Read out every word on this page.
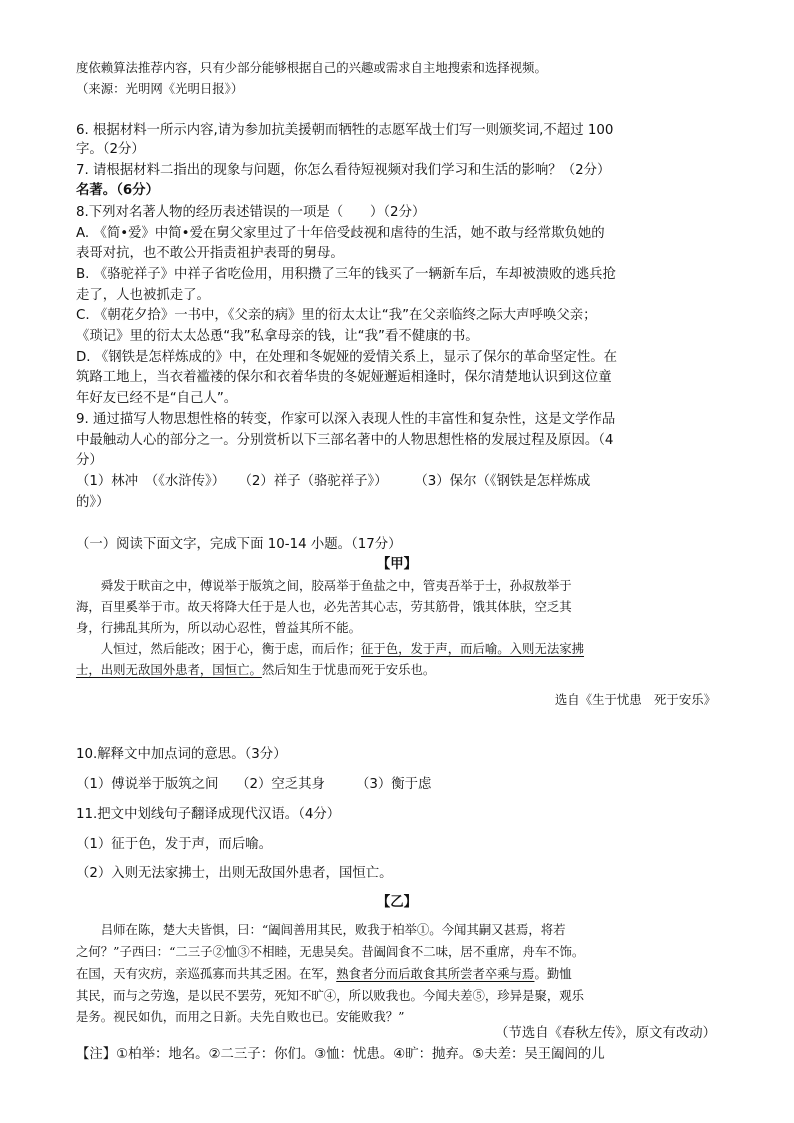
度依赖算法推荐内容，只有少部分能够根据自己的兴趣或需求自主地搜索和选择视频。
（来源：光明网《光明日报》）
6. 根据材料一所示内容,请为参加抗美援朝而牺牲的志愿军战士们写一则颁奖词,不超过 100
字。（2分）
7. 请根据材料二指出的现象与问题，你怎么看待短视频对我们学习和生活的影响？（2分）
名著。（6分）
8.下列对名著人物的经历表述错误的一项是（　　）（2分）
A. 《简•爱》中简•爱在舅父家里过了十年倍受歧视和虐待的生活，她不敢与经常欺负她的
表哥对抗，也不敢公开指责祖护表哥的舅母。
B. 《骆驼祥子》中祥子省吃俭用，用积攒了三年的钱买了一辆新车后，车却被溃败的逃兵抢
走了，人也被抓走了。
C. 《朝花夕拾》一书中，《父亲的病》里的衍太太让“我”在父亲临终之际大声呼唤父亲；
《琐记》里的衍太太怂恿“我”私拿母亲的钱，让“我”看不健康的书。
D. 《钢铁是怎样炼成的》中，在处理和冬妮娅的爱情关系上，显示了保尔的革命坚定性。在
筑路工地上，当衣着褴褛的保尔和衣着华贵的冬妮娅邂逅相逢时，保尔清楚地认识到这位童
年好友已经不是“自己人”。
9. 通过描写人物思想性格的转变，作家可以深入表现人性的丰富性和复杂性，这是文学作品
中最触动人心的部分之一。分别赏析以下三部名著中的人物思想性格的发展过程及原因。（4
分）
（1）林冲　（《水浒传》）　　（2）祥子（骆驼祥子》）　　　（3）保尔（《钢铁是怎样炼成
的》）
（一）阅读下面文字，完成下面 10-14 小题。（17分）
【甲】
　　舜发于畎亩之中，傅说举于版筑之间，胶鬲举于鱼盐之中，管夷吾举于士，孙叔敖举于
海，百里奚举于市。故天将降大任于是人也，必先苦其心志，劳其筋骨，饿其体肤，空乏其
身，行拂乱其所为，所以动心忍性，曾益其所不能。
　　人恒过，然后能改；困于心，衡于虑，而后作；征于色，发于声，而后喻。入则无法家拂
士，出则无敌国外患者，国恒亡。然后知生于忧患而死于安乐也。
选自《生于忧患　死于安乐》
10.解释文中加点词的意思。（3分）
（1）傅说举于版筑之间　 （2）空乏其身　　 （3）衡于虑
11.把文中划线句子翻译成现代汉语。（4分）
（1）征于色，发于声，而后喻。
（2）入则无法家拂士，出则无敌国外患者，国恒亡。
【乙】
　　吕师在陈，楚大夫皆惧，曰：“阖闾善用其民，败我于柏举①。今闻其嗣又甚焉，将若
之何？”子西曰：“二三子②恤③不相睦，无患吴矣。昔阖闾食不二味，居不重席，舟车不饰。
在国，天有灾疠，亲巡孤寡而共其乏困。在军，熟食者分而后敢食其所尝者卒乘与焉。勤恤
其民，而与之劳逸，是以民不罢劳，死知不旷④，所以败我也。今闻夫差⑤，珍异是聚，观乐
是务。视民如仇，而用之日新。夫先自败也已。安能败我？”
（节选自《春秋左传》，原文有改动）
【注】①柏举：地名。②二三子：你们。③恤：忧患。④旷：抛弃。⑤夫差：吴王阖闾的儿
